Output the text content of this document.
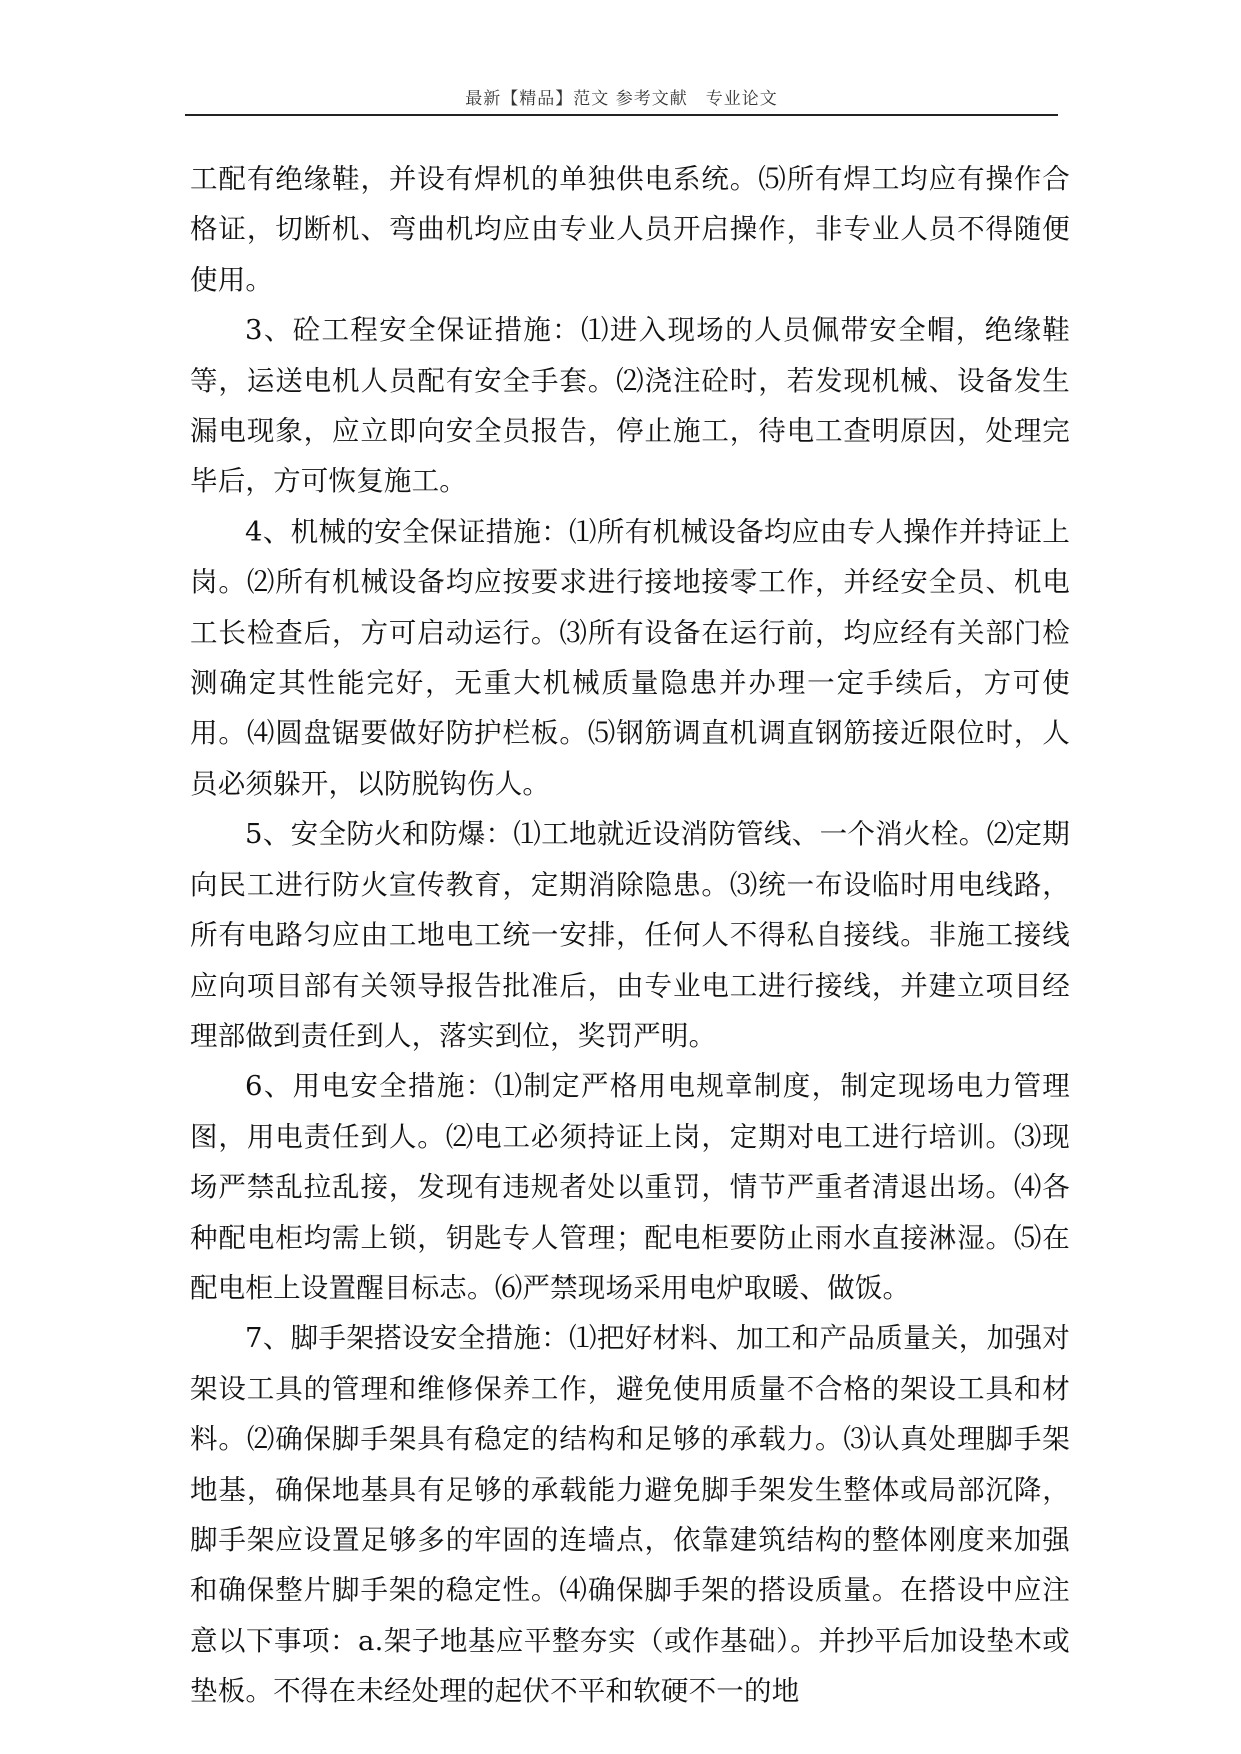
最新【精品】范文 参考文献　专业论文

工配有绝缘鞋，并设有焊机的单独供电系统。⑸所有焊工均应有操作合格证，切断机、弯曲机均应由专业人员开启操作，非专业人员不得随便使用。

3、砼工程安全保证措施：⑴进入现场的人员佩带安全帽，绝缘鞋等，运送电机人员配有安全手套。⑵浇注砼时，若发现机械、设备发生漏电现象，应立即向安全员报告，停止施工，待电工查明原因，处理完毕后，方可恢复施工。

4、机械的安全保证措施：⑴所有机械设备均应由专人操作并持证上岗。⑵所有机械设备均应按要求进行接地接零工作，并经安全员、机电工长检查后，方可启动运行。⑶所有设备在运行前，均应经有关部门检测确定其性能完好，无重大机械质量隐患并办理一定手续后，方可使用。⑷圆盘锯要做好防护栏板。⑸钢筋调直机调直钢筋接近限位时，人员必须躲开，以防脱钩伤人。

5、安全防火和防爆：⑴工地就近设消防管线、一个消火栓。⑵定期向民工进行防火宣传教育，定期消除隐患。⑶统一布设临时用电线路，所有电路匀应由工地电工统一安排，任何人不得私自接线。非施工接线应向项目部有关领导报告批准后，由专业电工进行接线，并建立项目经理部做到责任到人，落实到位，奖罚严明。

6、用电安全措施：⑴制定严格用电规章制度，制定现场电力管理图，用电责任到人。⑵电工必须持证上岗，定期对电工进行培训。⑶现场严禁乱拉乱接，发现有违规者处以重罚，情节严重者清退出场。⑷各种配电柜均需上锁，钥匙专人管理；配电柜要防止雨水直接淋湿。⑸在配电柜上设置醒目标志。⑹严禁现场采用电炉取暖、做饭。

7、脚手架搭设安全措施：⑴把好材料、加工和产品质量关，加强对架设工具的管理和维修保养工作，避免使用质量不合格的架设工具和材料。⑵确保脚手架具有稳定的结构和足够的承载力。⑶认真处理脚手架地基，确保地基具有足够的承载能力避免脚手架发生整体或局部沉降，脚手架应设置足够多的牢固的连墙点，依靠建筑结构的整体刚度来加强和确保整片脚手架的稳定性。⑷确保脚手架的搭设质量。在搭设中应注意以下事项：a.架子地基应平整夯实（或作基础）。并抄平后加设垫木或垫板。不得在未经处理的起伏不平和软硬不一的地
